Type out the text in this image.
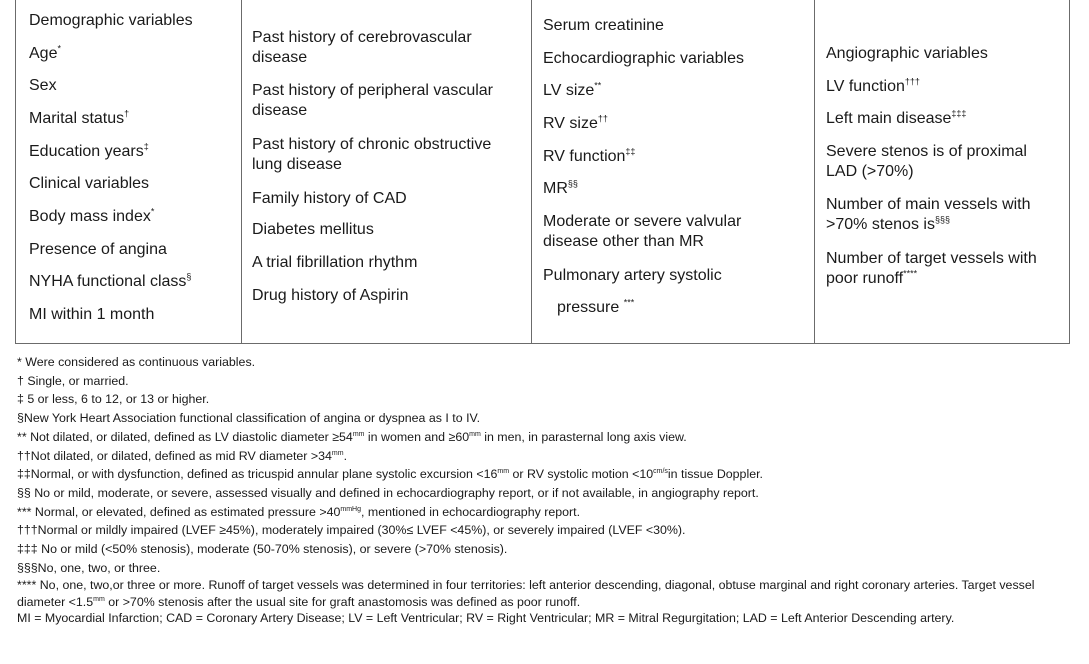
Demographic variables
Age*
Sex
Marital status†
Education years‡
Clinical variables
Body mass index*
Presence of angina
NYHA functional class§
MI within 1 month
Past history of cerebrovascular
disease
Past history of peripheral vascular
disease
Past history of chronic obstructive
lung disease
Family history of CAD
Diabetes mellitus
A trial fibrillation rhythm
Drug history of Aspirin
Serum creatinine
Echocardiographic variables
LV size**
RV size††
RV function‡‡
MR§§
Moderate or severe valvular
disease other than MR
Pulmonary artery systolic
pressure ***
Angiographic variables
LV function†††
Left main disease‡‡‡
Severe stenos is of proximal
LAD (>70%)
Number of main vessels with
>70% stenos is§§§
Number of target vessels with
poor runoff****
* Were considered as continuous variables.
† Single, or married.
‡ 5 or less, 6 to 12, or 13 or higher.
§New York Heart Association functional classification of angina or dyspnea as I to IV.
** Not dilated, or dilated, defined as LV diastolic diameter $\ge 54^{mm}$ in women and $\ge 60^{mm}$ in men, in parasternal long axis view.
††Not dilated, or dilated, defined as mid RV diameter $>34^{mm}$.
‡‡Normal, or with dysfunction, defined as tricuspid annular plane systolic excursion $<16^{mm}$ or RV systolic motion $<10^{cm/s}in$ tissue Doppler.
§§ No or mild, moderate, or severe, assessed visually and defined in echocardiography report, or if not available, in angiography report.
*** Normal, or elevated, defined as estimated pressure $>40^{mmHg}$, mentioned in echocardiography report.
†††Normal or mildly impaired (LVEF ≥45%), moderately impaired (30%≤ LVEF <45%), or severely impaired (LVEF <30%).
‡‡‡ No or mild (<50% stenosis), moderate (50-70% stenosis), or severe (>70% stenosis).
§§§No, one, two, or three.
**** No, one, two,or three or more. Runoff of target vessels was determined in four territories: left anterior descending, diagonal, obtuse marginal and right coronary arteries. Target vessel diameter $<1.5^{mm}$ or >70% stenosis after the usual site for graft anastomosis was defined as poor runoff.
MI = Myocardial Infarction; CAD = Coronary Artery Disease; LV = Left Ventricular; RV = Right Ventricular; MR = Mitral Regurgitation; LAD = Left Anterior Descending artery.
